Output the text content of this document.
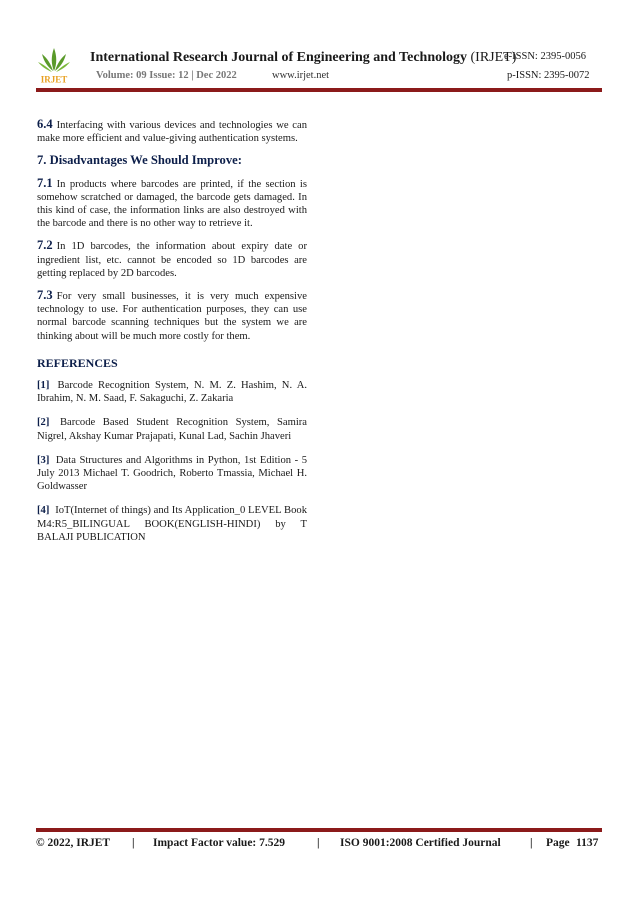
IRJET
International Research Journal of Engineering and Technology (IRJET)
e-ISSN: 2395-0056
Volume: 09 Issue: 12 | Dec 2022	www.irjet.net	p-ISSN: 2395-0072

6.4 Interfacing with various devices and technologies we can make more efficient and value-giving authentication systems.

7. Disadvantages We Should Improve:

7.1 In products where barcodes are printed, if the section is somehow scratched or damaged, the barcode gets damaged. In this kind of case, the information links are also destroyed with the barcode and there is no other way to retrieve it.

7.2 In 1D barcodes, the information about expiry date or ingredient list, etc. cannot be encoded so 1D barcodes are getting replaced by 2D barcodes.

7.3 For very small businesses, it is very much expensive technology to use. For authentication purposes, they can use normal barcode scanning techniques but the system we are thinking about will be much more costly for them.

REFERENCES

[1] Barcode Recognition System, N. M. Z. Hashim, N. A. Ibrahim, N. M. Saad, F. Sakaguchi, Z. Zakaria

[2] Barcode Based Student Recognition System, Samira Nigrel, Akshay Kumar Prajapati, Kunal Lad, Sachin Jhaveri

[3] Data Structures and Algorithms in Python, 1st Edition - 5 July 2013 Michael T. Goodrich, Roberto Tmassia, Michael H. Goldwasser

[4] IoT(Internet of things) and Its Application_0 LEVEL Book M4:R5_BILINGUAL BOOK(ENGLISH-HINDI) by T BALAJI PUBLICATION

© 2022, IRJET | Impact Factor value: 7.529	| ISO 9001:2008 Certified Journal	| Page 1137
